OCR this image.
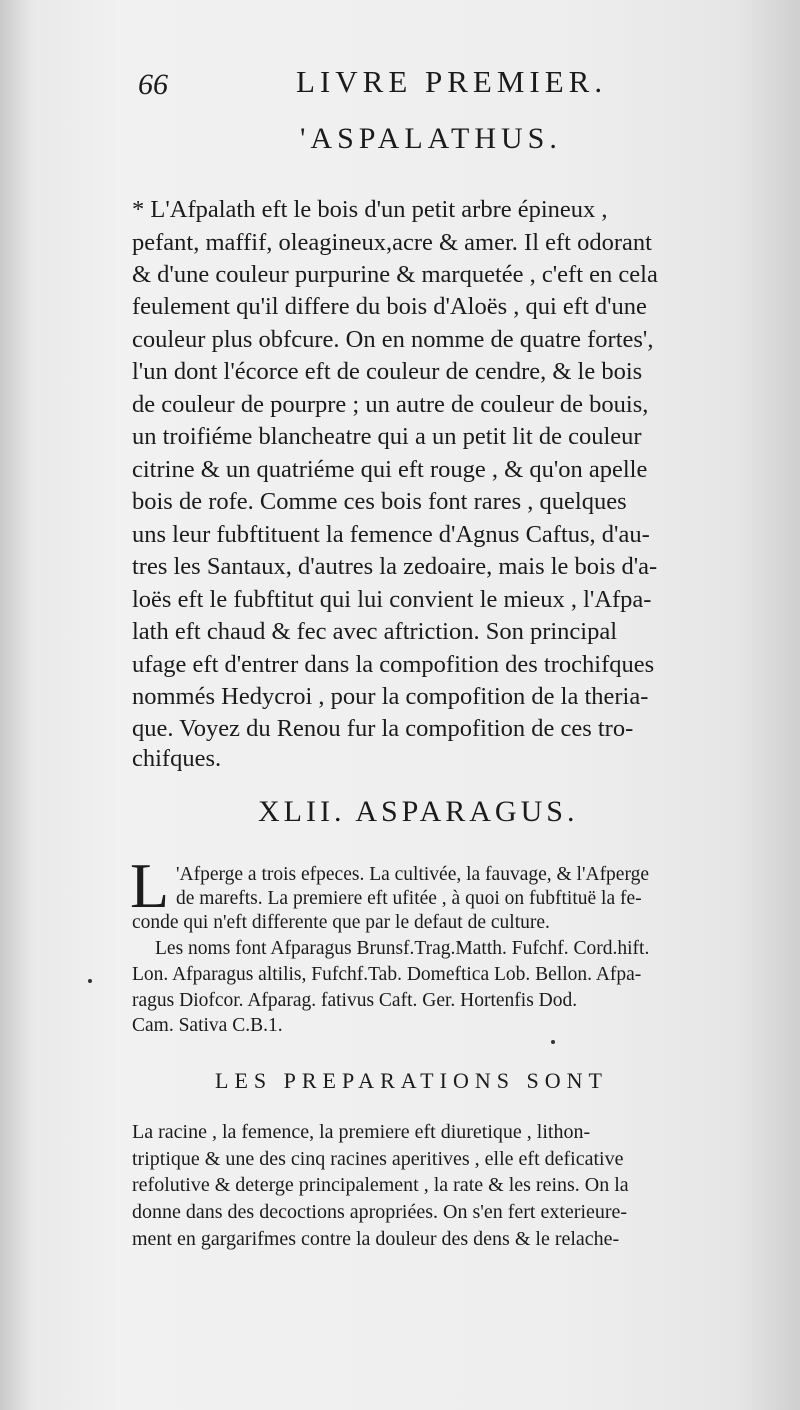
66	LIVRE PREMIER.

'ASPALATHUS.

* L'Afpalath eft le bois d'un petit arbre épineux ,

pefant, maffif, oleagineux,acre & amer. Il eft odorant

& d'une couleur purpurine & marquetée , c'eft en cela

feulement qu'il differe du bois d'Aloës , qui eft d'une

couleur plus obfcure. On en nomme de quatre fortes',

l'un dont l'écorce eft de couleur de cendre, & le bois

de couleur de pourpre ; un autre de couleur de bouis,

un troifiéme blancheatre qui a un petit lit de couleur

citrine & un quatriéme qui eft rouge , & qu'on apelle

bois de rofe. Comme ces bois font rares , quelques

uns leur fubftituent la femence d'Agnus Caftus, d'au-

tres les Santaux, d'autres la zedoaire, mais le bois d'a-

loës eft le fubftitut qui lui convient le mieux , l'Afpa-

lath eft chaud & fec avec aftriction. Son principal

ufage eft d'entrer dans la compofition des trochifques

nommés Hedycroi , pour la compofition de la theria-

que. Voyez du Renou fur la compofition de ces tro-

chifques.

XLII. ASPARAGUS.

L 'Afperge a trois efpeces. La cultivée, la fauvage, & l'Afperge

de marefts. La premiere eft ufitée , à quoi on fubftituë la fe-

conde qui n'eft differente que par le defaut de culture.

Les noms font Afparagus Brunsf.Trag.Matth. Fufchf. Cord.hift.

Lon. Afparagus altilis, Fufchf.Tab. Domeftica Lob. Bellon. Afpa-

ragus Diofcor. Afparag. fativus Caft. Ger. Hortenfis Dod.

Cam. Sativa C.B.1.

LES PREPARATIONS SONT

La racine , la femence, la premiere eft diuretique , lithon-

triptique & une des cinq racines aperitives , elle eft deficative

refolutive & deterge principalement , la rate & les reins. On la

donne dans des decoctions apropriées. On s'en fert exterieure-

ment en gargarifmes contre la douleur des dens & le relache-
